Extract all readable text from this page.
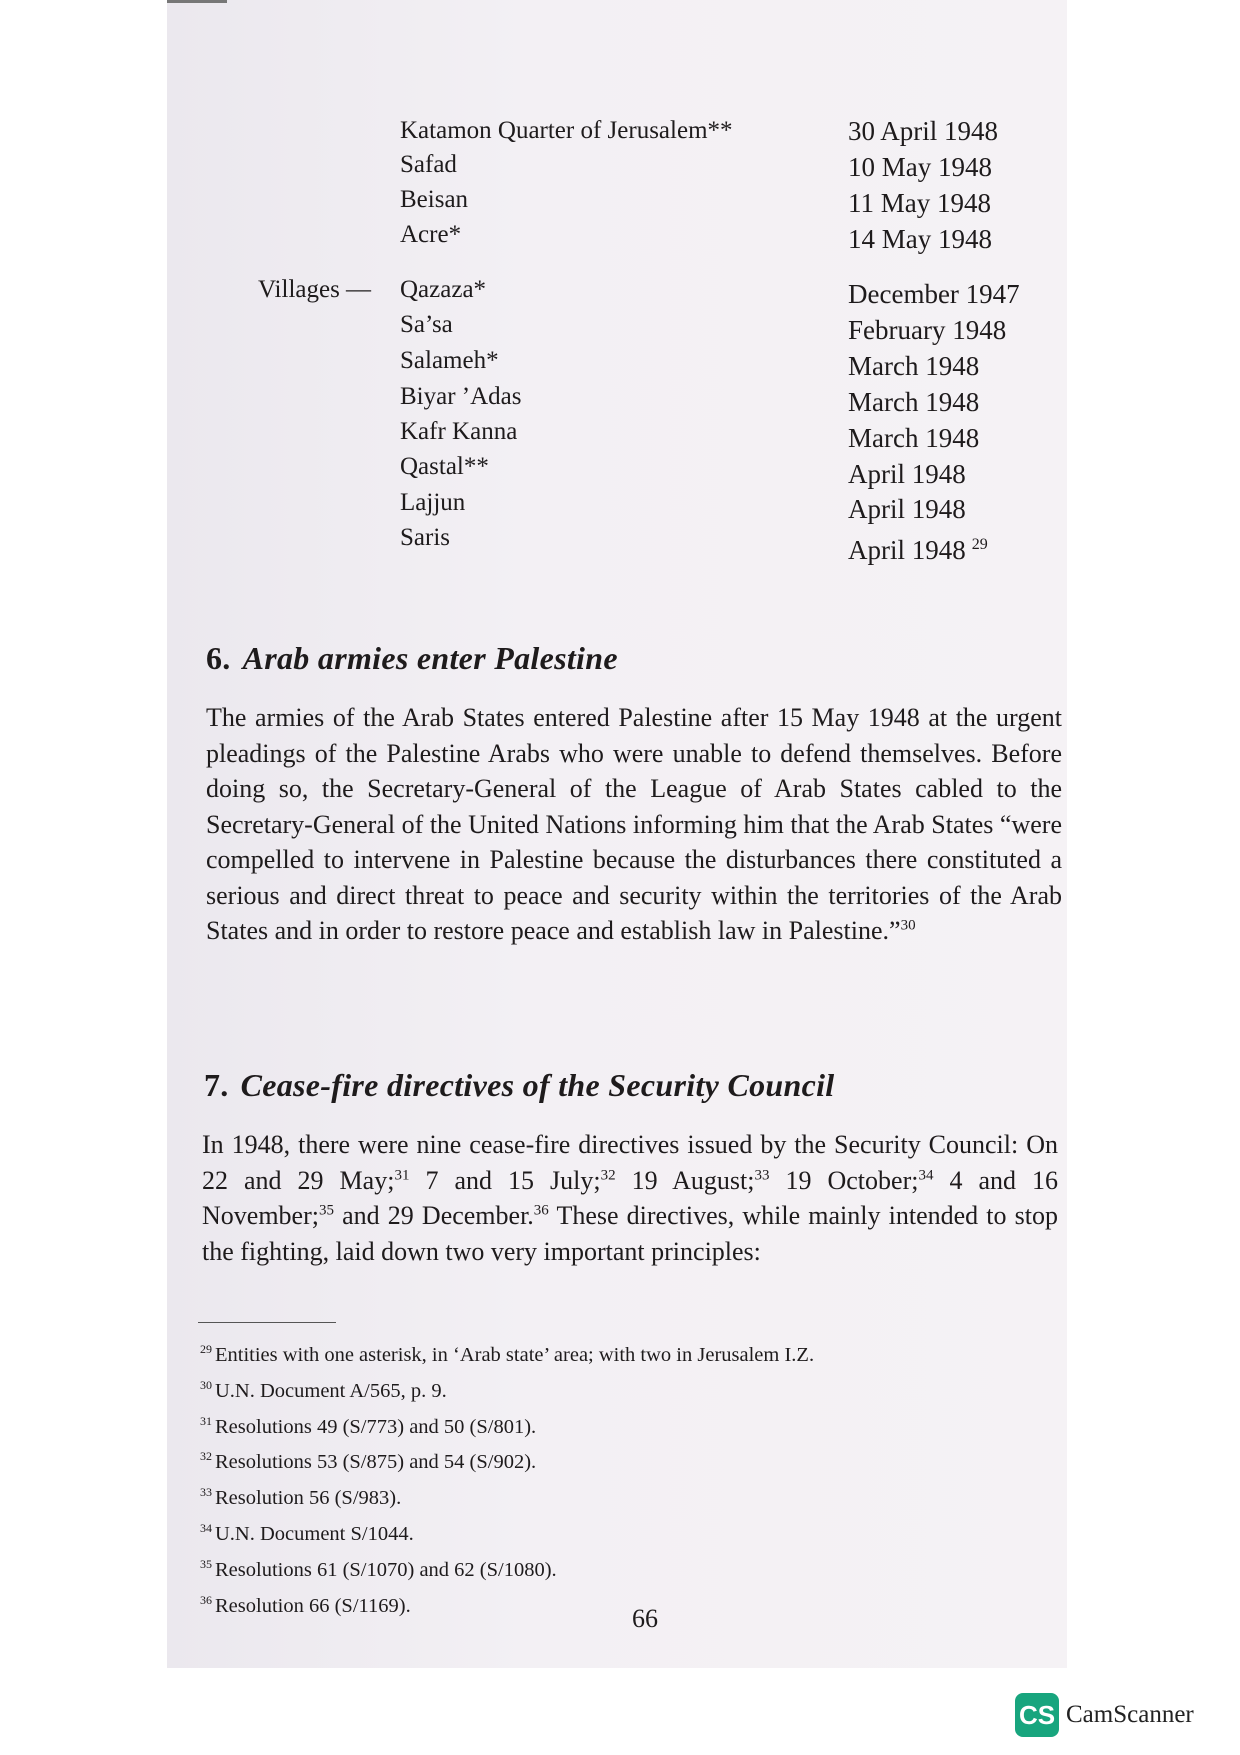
Katamon Quarter of Jerusalem**	30 April 1948
Safad	10 May 1948
Beisan	11 May 1948
Acre*	14 May 1948
Villages — Qazaza*	December 1947
Sa’sa	February 1948
Salameh*	March 1948
Biyar ’Adas	March 1948
Kafr Kanna	March 1948
Qastal**	April 1948
Lajjun	April 1948
Saris	April 1948 $^{29}$
6. Arab armies enter Palestine

The armies of the Arab States entered Palestine after 15 May 1948 at the urgent pleadings of the Palestine Arabs who were unable to defend themselves. Before doing so, the Secretary-General of the League of Arab States cabled to the Secretary-General of the United Nations informing him that the Arab States “were compelled to intervene in Palestine because the disturbances there constituted a serious and direct threat to peace and security within the territories of the Arab States and in order to restore peace and establish law in Palestine.”$^{30}$

7. Cease-fire directives of the Security Council

In 1948, there were nine cease-fire directives issued by the Security Council: On 22 and 29 May;$^{31}$ 7 and 15 July;$^{32}$ 19 August;$^{33}$ 19 October;$^{34}$ 4 and 16 November;$^{35}$ and 29 December.$^{36}$ These directives, while mainly intended to stop the fighting, laid down two very important principles:

$^{29}$ Entities with one asterisk, in ‘Arab state’ area; with two in Jerusalem I.Z.
$^{30}$ U.N. Document A/565, p. 9.
$^{31}$ Resolutions 49 (S/773) and 50 (S/801).
$^{32}$ Resolutions 53 (S/875) and 54 (S/902).
$^{33}$ Resolution 56 (S/983).
$^{34}$ U.N. Document S/1044.
$^{35}$ Resolutions 61 (S/1070) and 62 (S/1080).
$^{36}$ Resolution 66 (S/1169).	66
CS CamScanner
